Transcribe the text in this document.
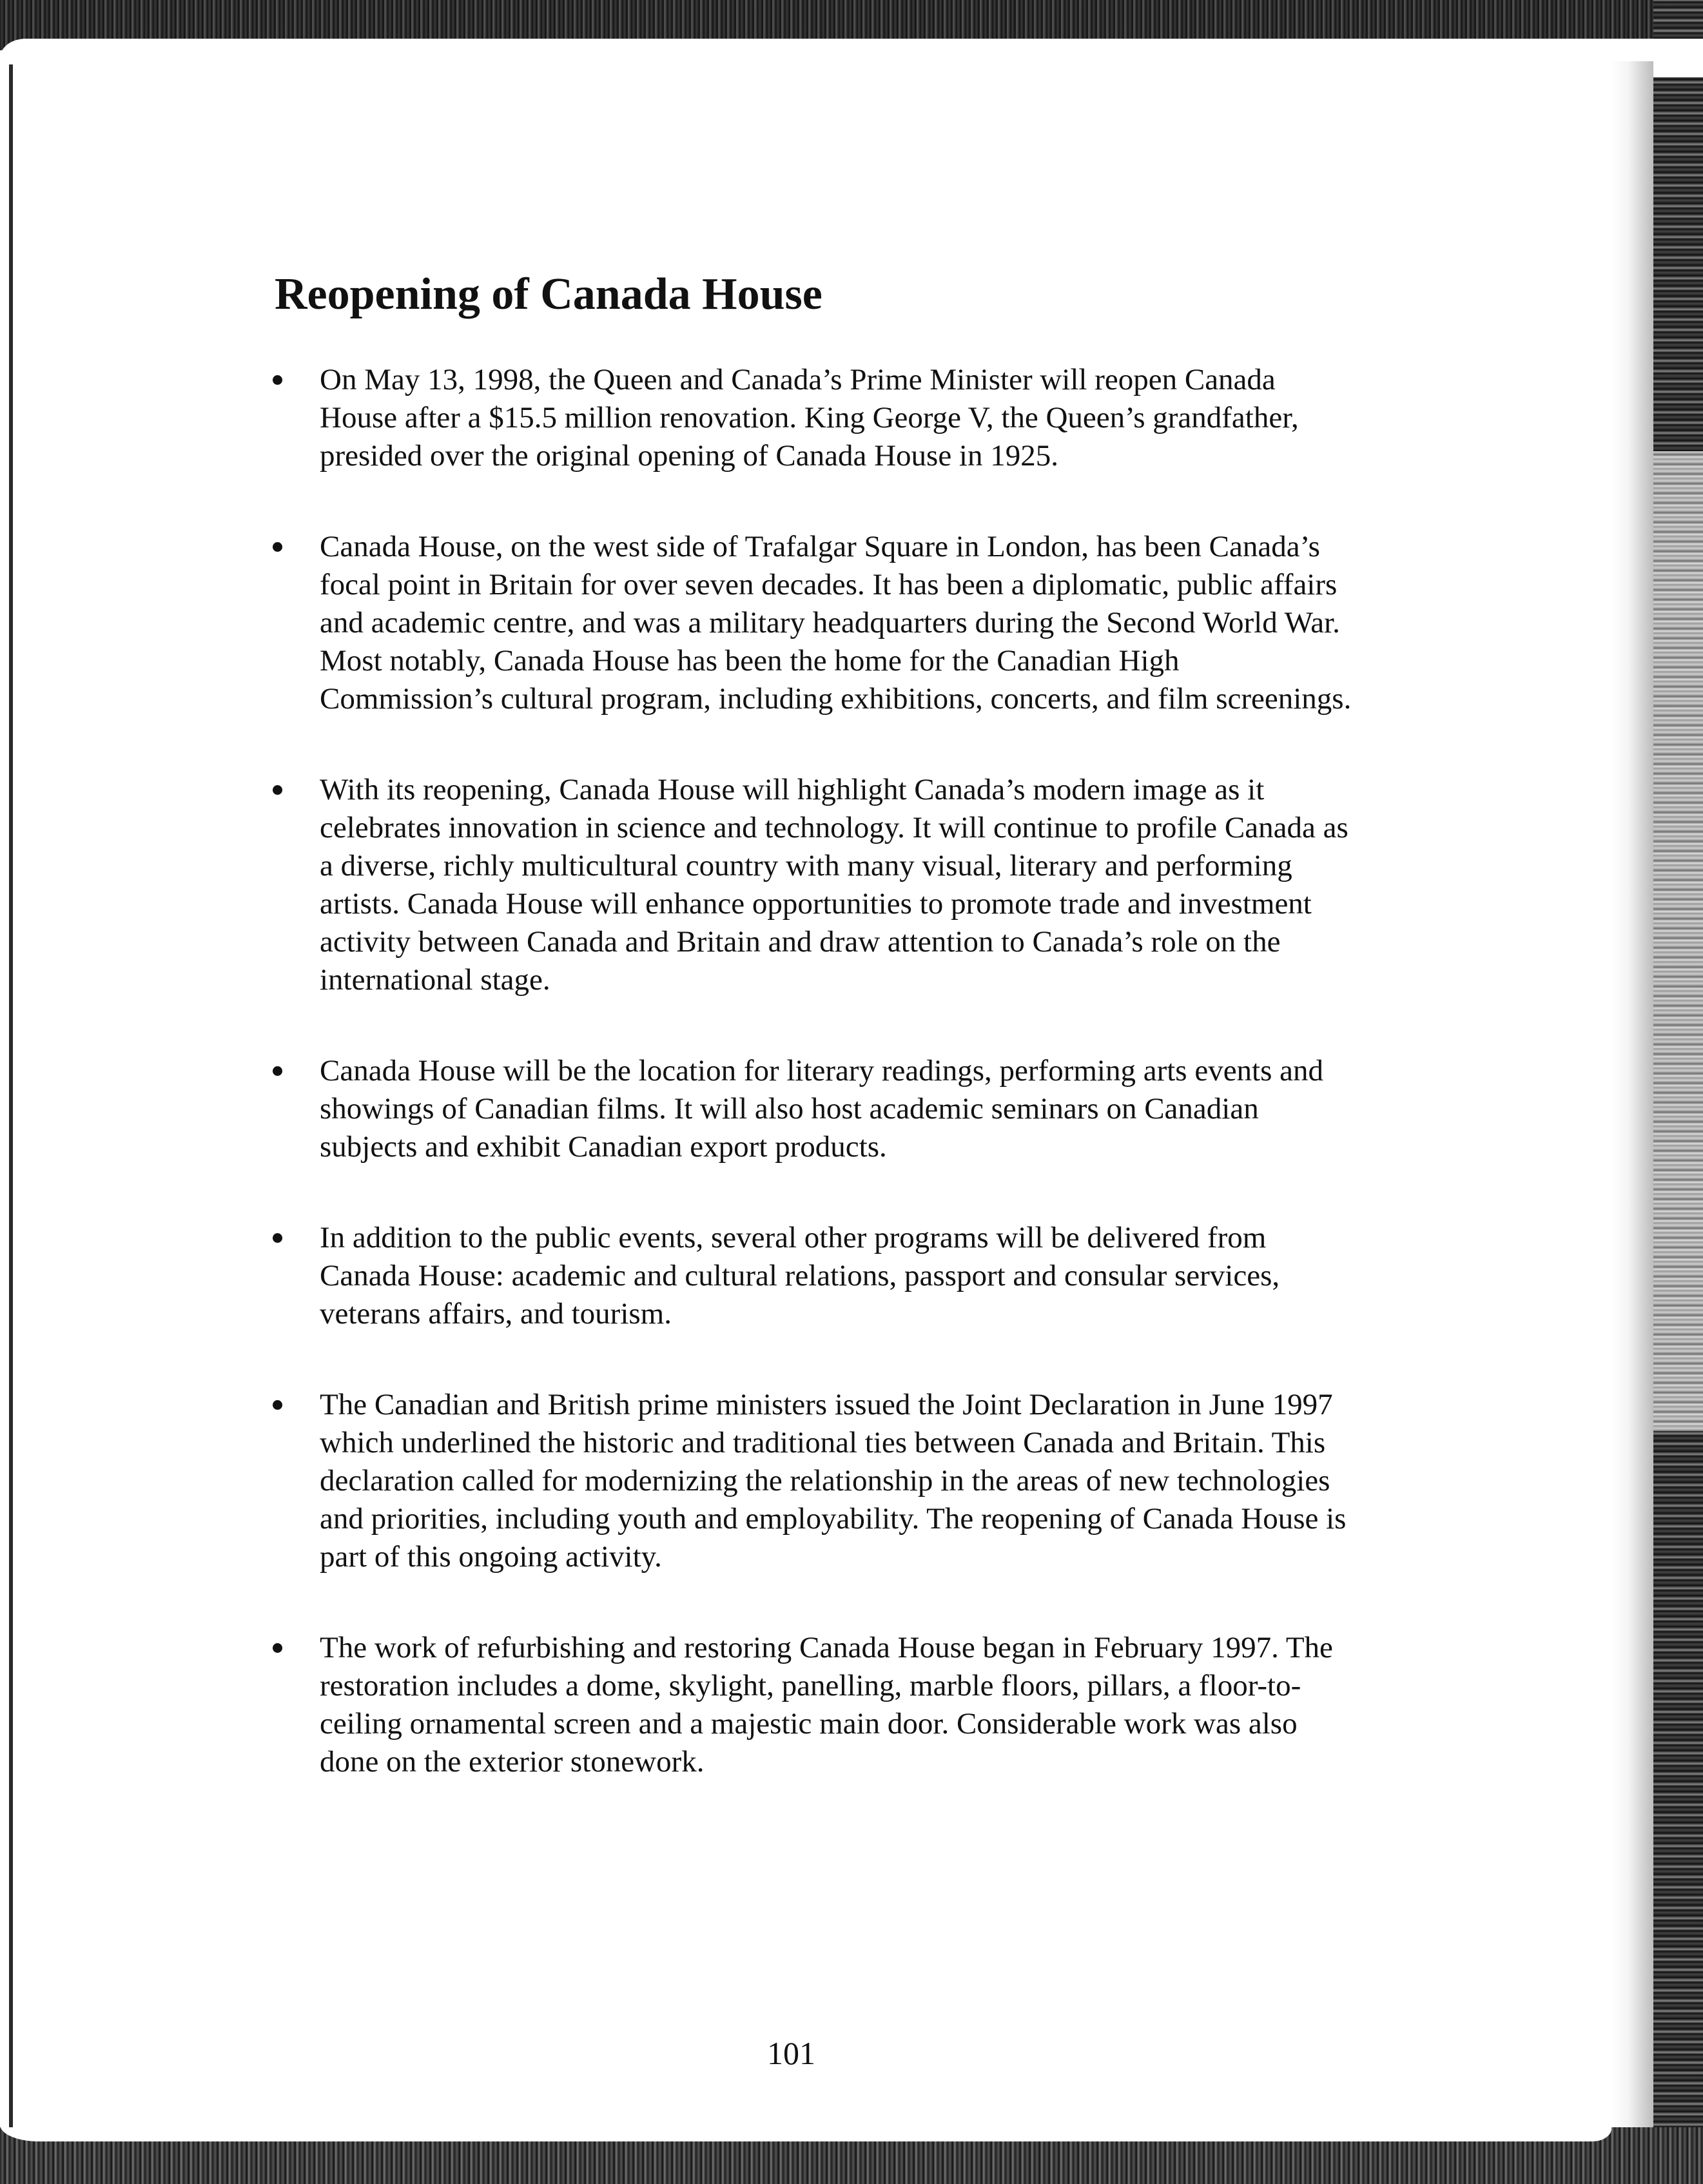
Reopening of Canada House
On May 13, 1998, the Queen and Canada’s Prime Minister will reopen Canada House after a $15.5 million renovation. King George V, the Queen’s grandfather, presided over the original opening of Canada House in 1925.
Canada House, on the west side of Trafalgar Square in London, has been Canada’s focal point in Britain for over seven decades. It has been a diplomatic, public affairs and academic centre, and was a military headquarters during the Second World War. Most notably, Canada House has been the home for the Canadian High Commission’s cultural program, including exhibitions, concerts, and film screenings.
With its reopening, Canada House will highlight Canada’s modern image as it celebrates innovation in science and technology. It will continue to profile Canada as a diverse, richly multicultural country with many visual, literary and performing artists. Canada House will enhance opportunities to promote trade and investment activity between Canada and Britain and draw attention to Canada’s role on the international stage.
Canada House will be the location for literary readings, performing arts events and showings of Canadian films. It will also host academic seminars on Canadian subjects and exhibit Canadian export products.
In addition to the public events, several other programs will be delivered from Canada House: academic and cultural relations, passport and consular services, veterans affairs, and tourism.
The Canadian and British prime ministers issued the Joint Declaration in June 1997 which underlined the historic and traditional ties between Canada and Britain. This declaration called for modernizing the relationship in the areas of new technologies and priorities, including youth and employability. The reopening of Canada House is part of this ongoing activity.
The work of refurbishing and restoring Canada House began in February 1997. The restoration includes a dome, skylight, panelling, marble floors, pillars, a floor-to-ceiling ornamental screen and a majestic main door. Considerable work was also done on the exterior stonework.
101
